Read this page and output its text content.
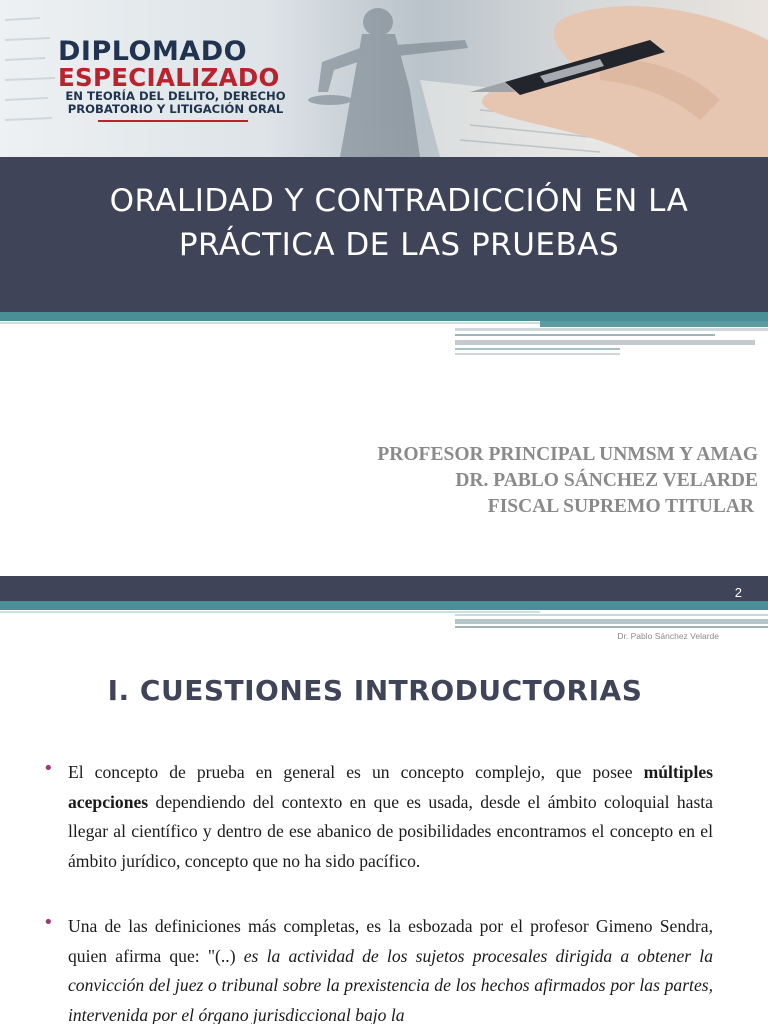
DIPLOMADO
ESPECIALIZADO
EN TEORÍA DEL DELITO, DERECHO
PROBATORIO Y LITIGACIÓN ORAL
ORALIDAD Y CONTRADICCIÓN EN LA
PRÁCTICA DE LAS PRUEBAS
PROFESOR PRINCIPAL UNMSM Y AMAG
DR. PABLO SÁNCHEZ VELARDE
FISCAL SUPREMO TITULAR
2
Dr. Pablo Sánchez Velarde
I. CUESTIONES INTRODUCTORIAS
• El concepto de prueba en general es un concepto complejo, que posee múltiples acepciones dependiendo del contexto en que es usada, desde el ámbito coloquial hasta llegar al científico y dentro de ese abanico de posibilidades encontramos el concepto en el ámbito jurídico, concepto que no ha sido pacífico.
• Una de las definiciones más completas, es la esbozada por el profesor Gimeno Sendra, quien afirma que: "(..) es la actividad de los sujetos procesales dirigida a obtener la convicción del juez o tribunal sobre la prexistencia de los hechos afirmados por las partes, intervenida por el órgano jurisdiccional bajo la
